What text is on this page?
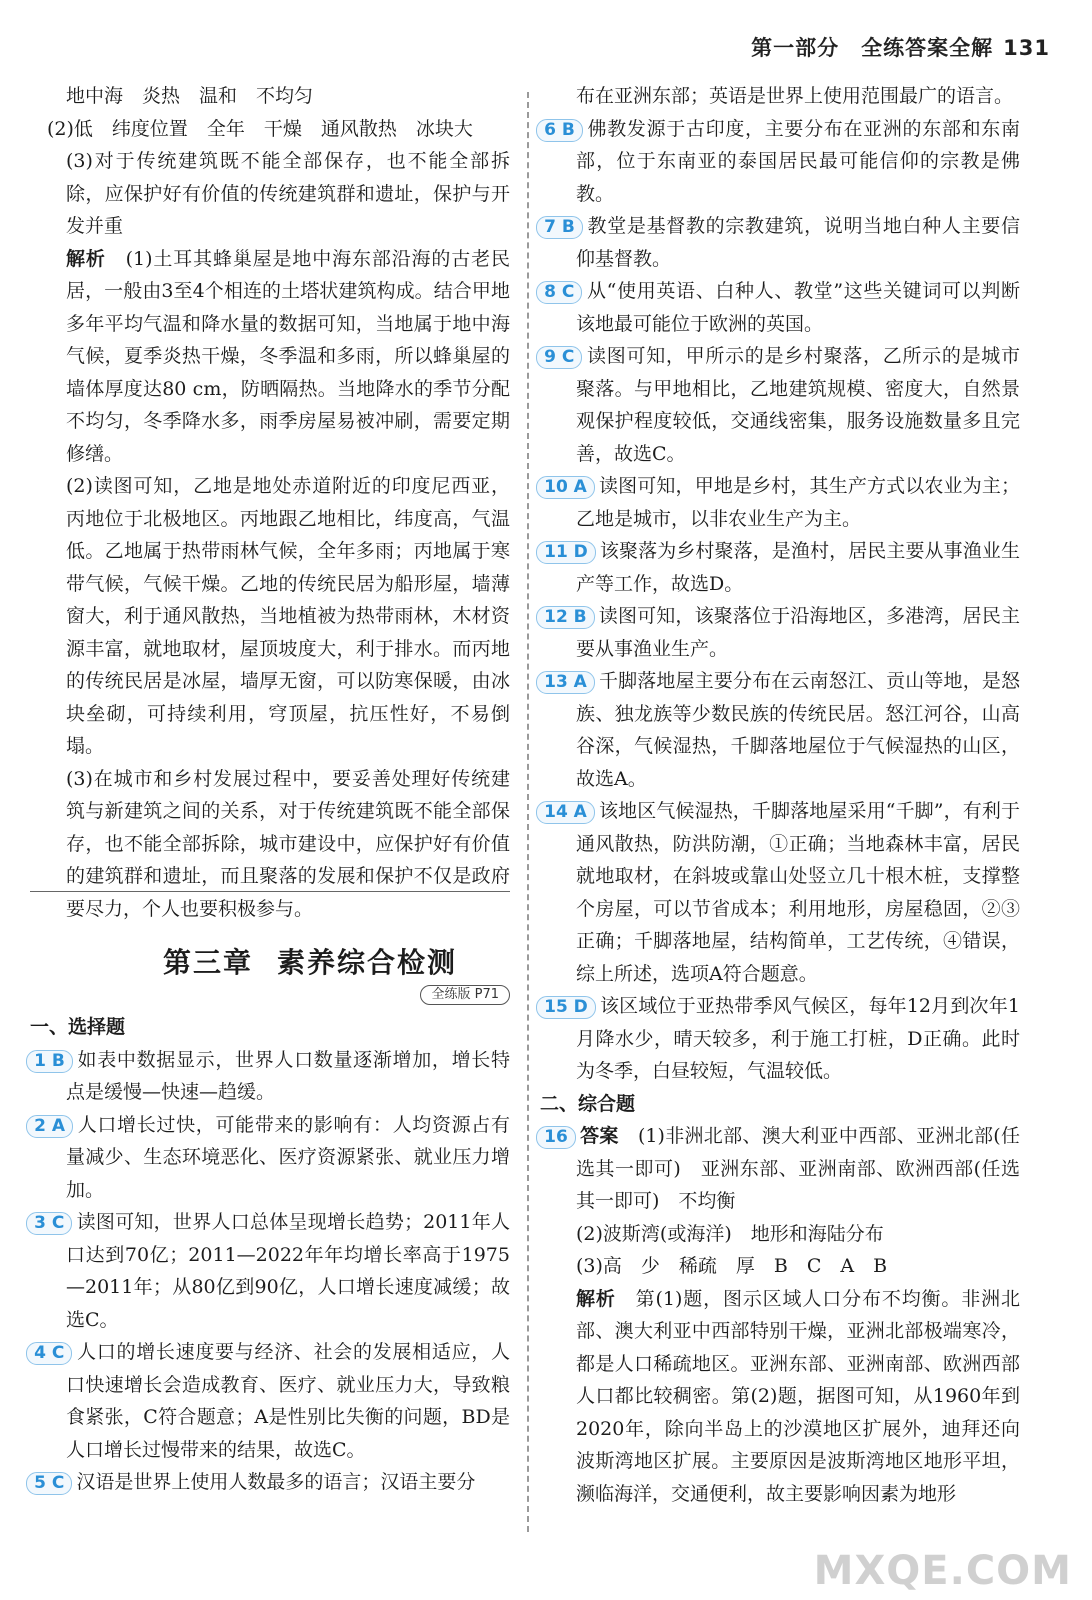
第一部分　 全练答案全解 131

地中海　炎热　温和　不均匀

(2)低　纬度位置　全年　干燥　通风散热　冰块大

(3)对于传统建筑既不能全部保存，也不能全部拆除，应保护好有价值的传统建筑群和遗址，保护与开发并重

解析　 (1)土耳其蜂巢屋是地中海东部沿海的古老民居，一般由3至4个相连的土塔状建筑构成。结合甲地多年平均气温和降水量的数据可知，当地属于地中海气候，夏季炎热干燥，冬季温和多雨，所以蜂巢屋的墙体厚度达80 cm，防晒隔热。当地降水的季节分配不均匀，冬季降水多，雨季房屋易被冲刷，需要定期修缮。

(2)读图可知，乙地是地处赤道附近的印度尼西亚，丙地位于北极地区。丙地跟乙地相比，纬度高，气温低。乙地属于热带雨林气候，全年多雨；丙地属于寒带气候，气候干燥。乙地的传统民居为船形屋，墙薄窗大，利于通风散热，当地植被为热带雨林，木材资源丰富，就地取材，屋顶坡度大，利于排水。而丙地的传统民居是冰屋，墙厚无窗，可以防寒保暖，由冰块垒砌，可持续利用，穹顶屋，抗压性好，不易倒塌。

(3)在城市和乡村发展过程中，要妥善处理好传统建筑与新建筑之间的关系，对于传统建筑既不能全部保存，也不能全部拆除，城市建设中，应保护好有价值的建筑群和遗址，而且聚落的发展和保护不仅是政府要尽力，个人也要积极参与。

第三章 素养综合检测
全练版 P71

一、选择题

1 B 如表中数据显示，世界人口数量逐渐增加，增长特点是缓慢—快速—趋缓。

2 A 人口增长过快，可能带来的影响有：人均资源占有量减少、生态环境恶化、医疗资源紧张、就业压力增加。

3 C 读图可知，世界人口总体呈现增长趋势；2011年人口达到70亿；2011—2022年年均增长率高于1975—2011年；从80亿到90亿，人口增长速度减缓；故选C。

4 C 人口的增长速度要与经济、社会的发展相适应，人口快速增长会造成教育、医疗、就业压力大，导致粮食紧张，C符合题意；A是性别比失衡的问题，BD是人口增长过慢带来的结果，故选C。

5 C 汉语是世界上使用人数最多的语言；汉语主要分

布在亚洲东部；英语是世界上使用范围最广的语言。

6 B 佛教发源于古印度，主要分布在亚洲的东部和东南部，位于东南亚的泰国居民最可能信仰的宗教是佛教。

7 B 教堂是基督教的宗教建筑，说明当地白种人主要信仰基督教。

8 C 从“使用英语、白种人、教堂”这些关键词可以判断该地最可能位于欧洲的英国。

9 C 读图可知，甲所示的是乡村聚落，乙所示的是城市聚落。与甲地相比，乙地建筑规模、密度大，自然景观保护程度较低，交通线密集，服务设施数量多且完善，故选C。

10 A 读图可知，甲地是乡村，其生产方式以农业为主；乙地是城市，以非农业生产为主。

11 D 该聚落为乡村聚落，是渔村，居民主要从事渔业生产等工作，故选D。

12 B 读图可知，该聚落位于沿海地区，多港湾，居民主要从事渔业生产。

13 A 千脚落地屋主要分布在云南怒江、贡山等地，是怒族、独龙族等少数民族的传统民居。怒江河谷，山高谷深，气候湿热，千脚落地屋位于气候湿热的山区，故选A。

14 A 该地区气候湿热，千脚落地屋采用“千脚”，有利于通风散热，防洪防潮，①正确；当地森林丰富，居民就地取材，在斜坡或靠山处竖立几十根木桩，支撑整个房屋，可以节省成本；利用地形，房屋稳固，②③正确；千脚落地屋，结构简单，工艺传统，④错误，综上所述，选项A符合题意。

15 D 该区域位于亚热带季风气候区，每年12月到次年1月降水少，晴天较多，利于施工打桩，D正确。此时为冬季，白昼较短，气温较低。

二、综合题

16 答案　 (1)非洲北部、澳大利亚中西部、亚洲北部(任选其一即可)　亚洲东部、亚洲南部、欧洲西部(任选其一即可)　不均衡

(2)波斯湾(或海洋)　地形和海陆分布

(3)高　少　稀疏　厚　B　C　A　B

解析　 第(1)题，图示区域人口分布不均衡。非洲北部、澳大利亚中西部特别干燥，亚洲北部极端寒冷，都是人口稀疏地区。亚洲东部、亚洲南部、欧洲西部人口都比较稠密。第(2)题，据图可知，从1960年到2020年，除向半岛上的沙漠地区扩展外，迪拜还向波斯湾地区扩展。主要原因是波斯湾地区地形平坦，濒临海洋，交通便利，故主要影响因素为地形

MXQE.COM
